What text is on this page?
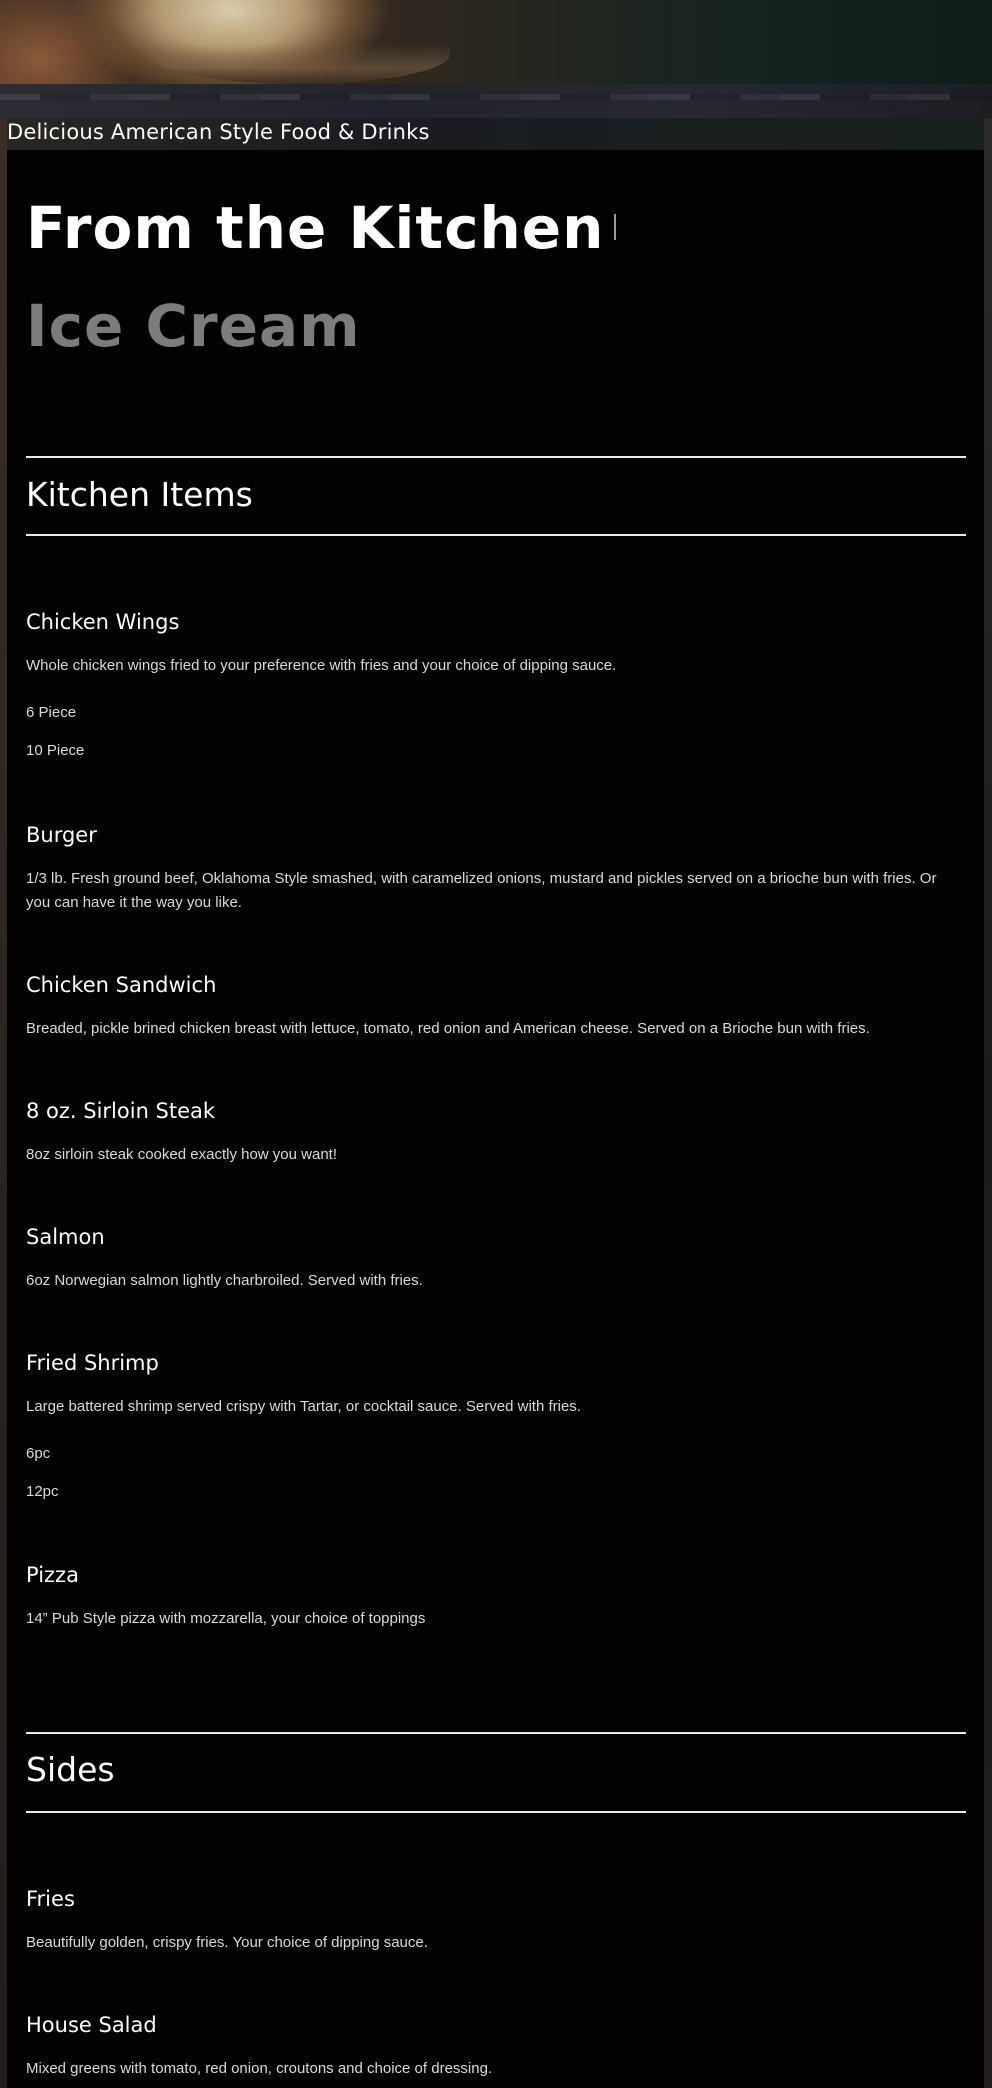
Delicious American Style Food & Drinks
From the Kitchen
Ice Cream
Kitchen Items
Chicken Wings
Whole chicken wings fried to your preference with fries and your choice of dipping sauce.
6 Piece
10 Piece
Burger
1/3 lb. Fresh ground beef, Oklahoma Style smashed, with caramelized onions, mustard and pickles served on a brioche bun with fries. Or you can have it the way you like.
Chicken Sandwich
Breaded, pickle brined chicken breast with lettuce, tomato, red onion and American cheese. Served on a Brioche bun with fries.
8 oz. Sirloin Steak
8oz sirloin steak cooked exactly how you want!
Salmon
6oz Norwegian salmon lightly charbroiled. Served with fries.
Fried Shrimp
Large battered shrimp served crispy with Tartar, or cocktail sauce. Served with fries.
6pc
12pc
Pizza
14” Pub Style pizza with mozzarella, your choice of toppings
Sides
Fries
Beautifully golden, crispy fries. Your choice of dipping sauce.
House Salad
Mixed greens with tomato, red onion, croutons and choice of dressing.
